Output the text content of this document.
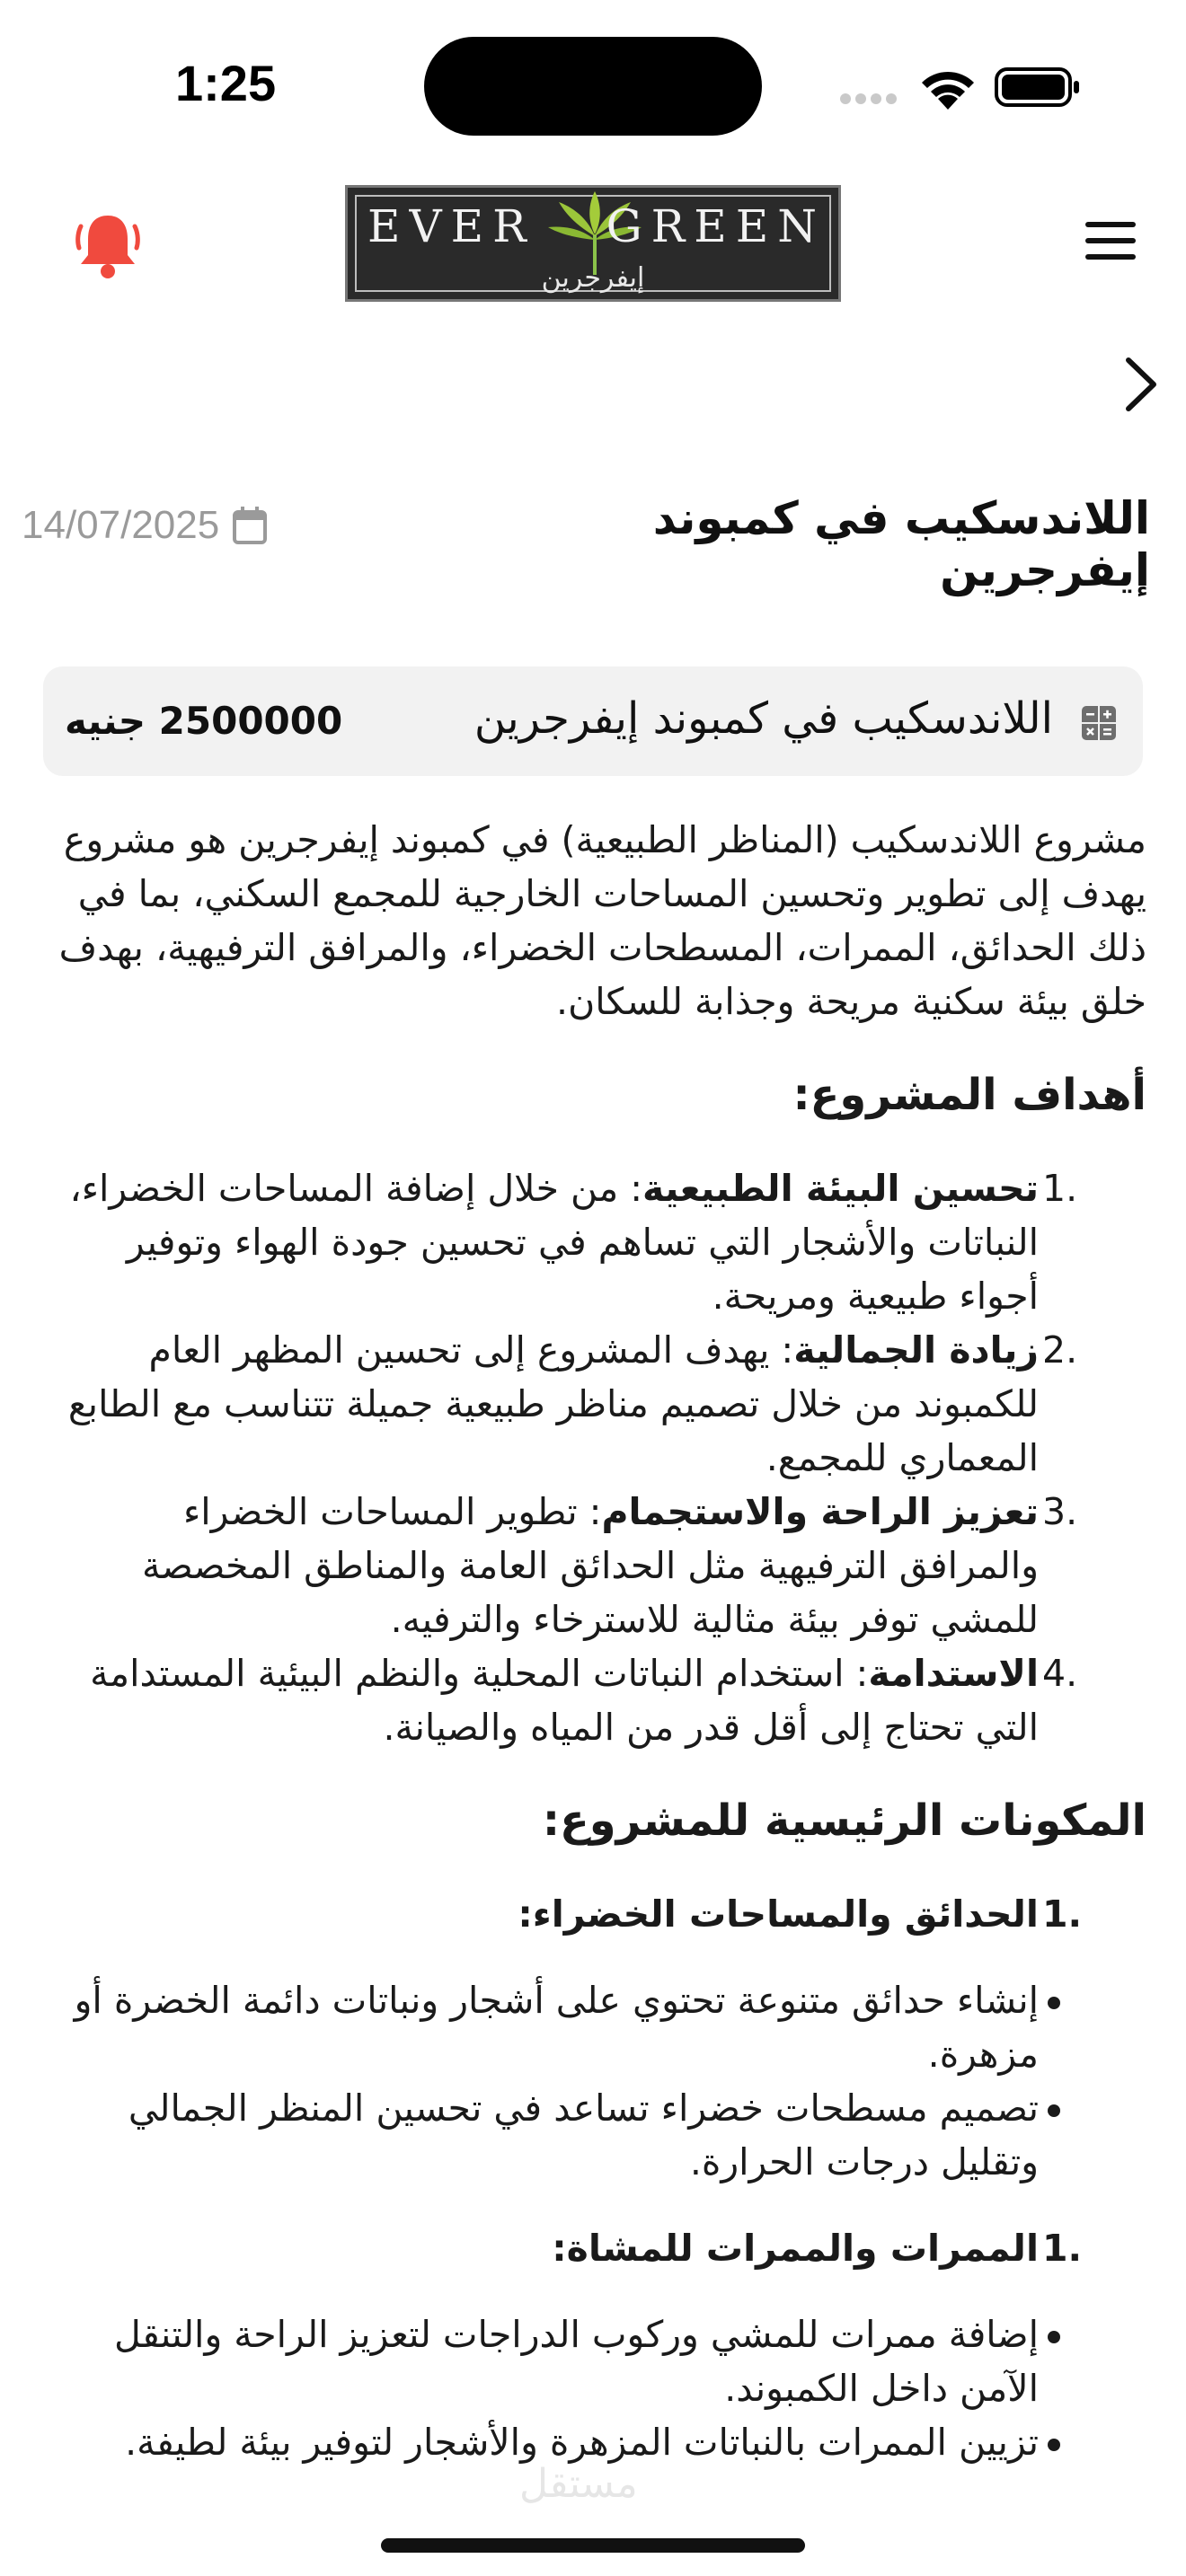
1:25
EVER GREEN
إيفرجرين
اللاندسكيب في كمبوند إيفرجرين
14/07/2025
اللاندسكيب في كمبوند إيفرجرين
2500000 جنيه

مشروع اللاندسكيب (المناظر الطبيعية) في كمبوند إيفرجرين هو مشروع يهدف إلى تطوير وتحسين المساحات الخارجية للمجمع السكني، بما في ذلك الحدائق، الممرات، المسطحات الخضراء، والمرافق الترفيهية، بهدف خلق بيئة سكنية مريحة وجذابة للسكان.

أهداف المشروع:
1.
تحسين البيئة الطبيعية: من خلال إضافة المساحات الخضراء، النباتات والأشجار التي تساهم في تحسين جودة الهواء وتوفير أجواء طبيعية ومريحة.
2.
زيادة الجمالية: يهدف المشروع إلى تحسين المظهر العام للكمبوند من خلال تصميم مناظر طبيعية جميلة تتناسب مع الطابع المعماري للمجمع.
3.
تعزيز الراحة والاستجمام: تطوير المساحات الخضراء والمرافق الترفيهية مثل الحدائق العامة والمناطق المخصصة للمشي توفر بيئة مثالية للاسترخاء والترفيه.
4.
الاستدامة: استخدام النباتات المحلية والنظم البيئية المستدامة التي تحتاج إلى أقل قدر من المياه والصيانة.
المكونات الرئيسية للمشروع:
1.
الحدائق والمساحات الخضراء:
إنشاء حدائق متنوعة تحتوي على أشجار ونباتات دائمة الخضرة أو مزهرة.
تصميم مسطحات خضراء تساعد في تحسين المنظر الجمالي وتقليل درجات الحرارة.
1.
الممرات والممرات للمشاة:
إضافة ممرات للمشي وركوب الدراجات لتعزيز الراحة والتنقل الآمن داخل الكمبوند.
تزيين الممرات بالنباتات المزهرة والأشجار لتوفير بيئة لطيفة.
مستقل
